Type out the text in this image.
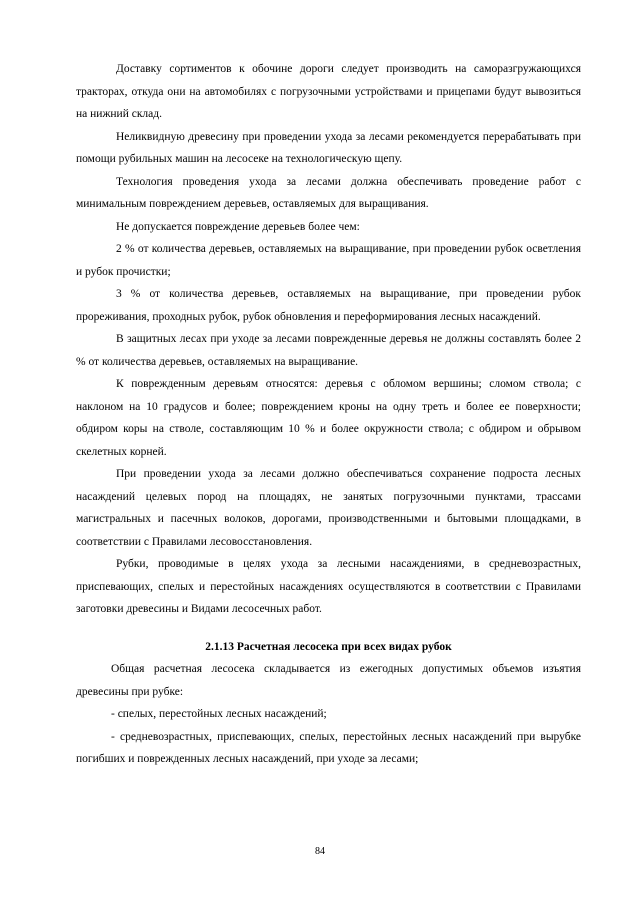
Доставку сортиментов к обочине дороги следует производить на саморазгружающихся тракторах, откуда они на автомобилях с погрузочными устройствами и прицепами будут вывозиться на нижний склад.

Неликвидную древесину при проведении ухода за лесами рекомендуется перерабатывать при помощи рубильных машин на лесосеке на технологическую щепу.

Технология проведения ухода за лесами должна обеспечивать проведение работ с минимальным повреждением деревьев, оставляемых для выращивания.

Не допускается повреждение деревьев более чем:

2 % от количества деревьев, оставляемых на выращивание, при проведении рубок осветления и рубок прочистки;

3 % от количества деревьев, оставляемых на выращивание, при проведении рубок прореживания, проходных рубок, рубок обновления и переформирования лесных насаждений.

В защитных лесах при уходе за лесами поврежденные деревья не должны составлять более 2 % от количества деревьев, оставляемых на выращивание.

К поврежденным деревьям относятся: деревья с обломом вершины; сломом ствола; с наклоном на 10 градусов и более; повреждением кроны на одну треть и более ее поверхности; обдиром коры на стволе, составляющим 10 % и более окружности ствола; с обдиром и обрывом скелетных корней.

При проведении ухода за лесами должно обеспечиваться сохранение подроста лесных насаждений целевых пород на площадях, не занятых погрузочными пунктами, трассами магистральных и пасечных волоков, дорогами, производственными и бытовыми площадками, в соответствии с Правилами лесовосстановления.

Рубки, проводимые в целях ухода за лесными насаждениями, в средневозрастных, приспевающих, спелых и перестойных насаждениях осуществляются в соответствии с Правилами заготовки древесины и Видами лесосечных работ.

2.1.13 Расчетная лесосека при всех видах рубок

Общая расчетная лесосека складывается из ежегодных допустимых объемов изъятия древесины при рубке:

- спелых, перестойных лесных насаждений;

- средневозрастных, приспевающих, спелых, перестойных лесных насаждений при вырубке погибших и поврежденных лесных насаждений, при уходе за лесами;

84
